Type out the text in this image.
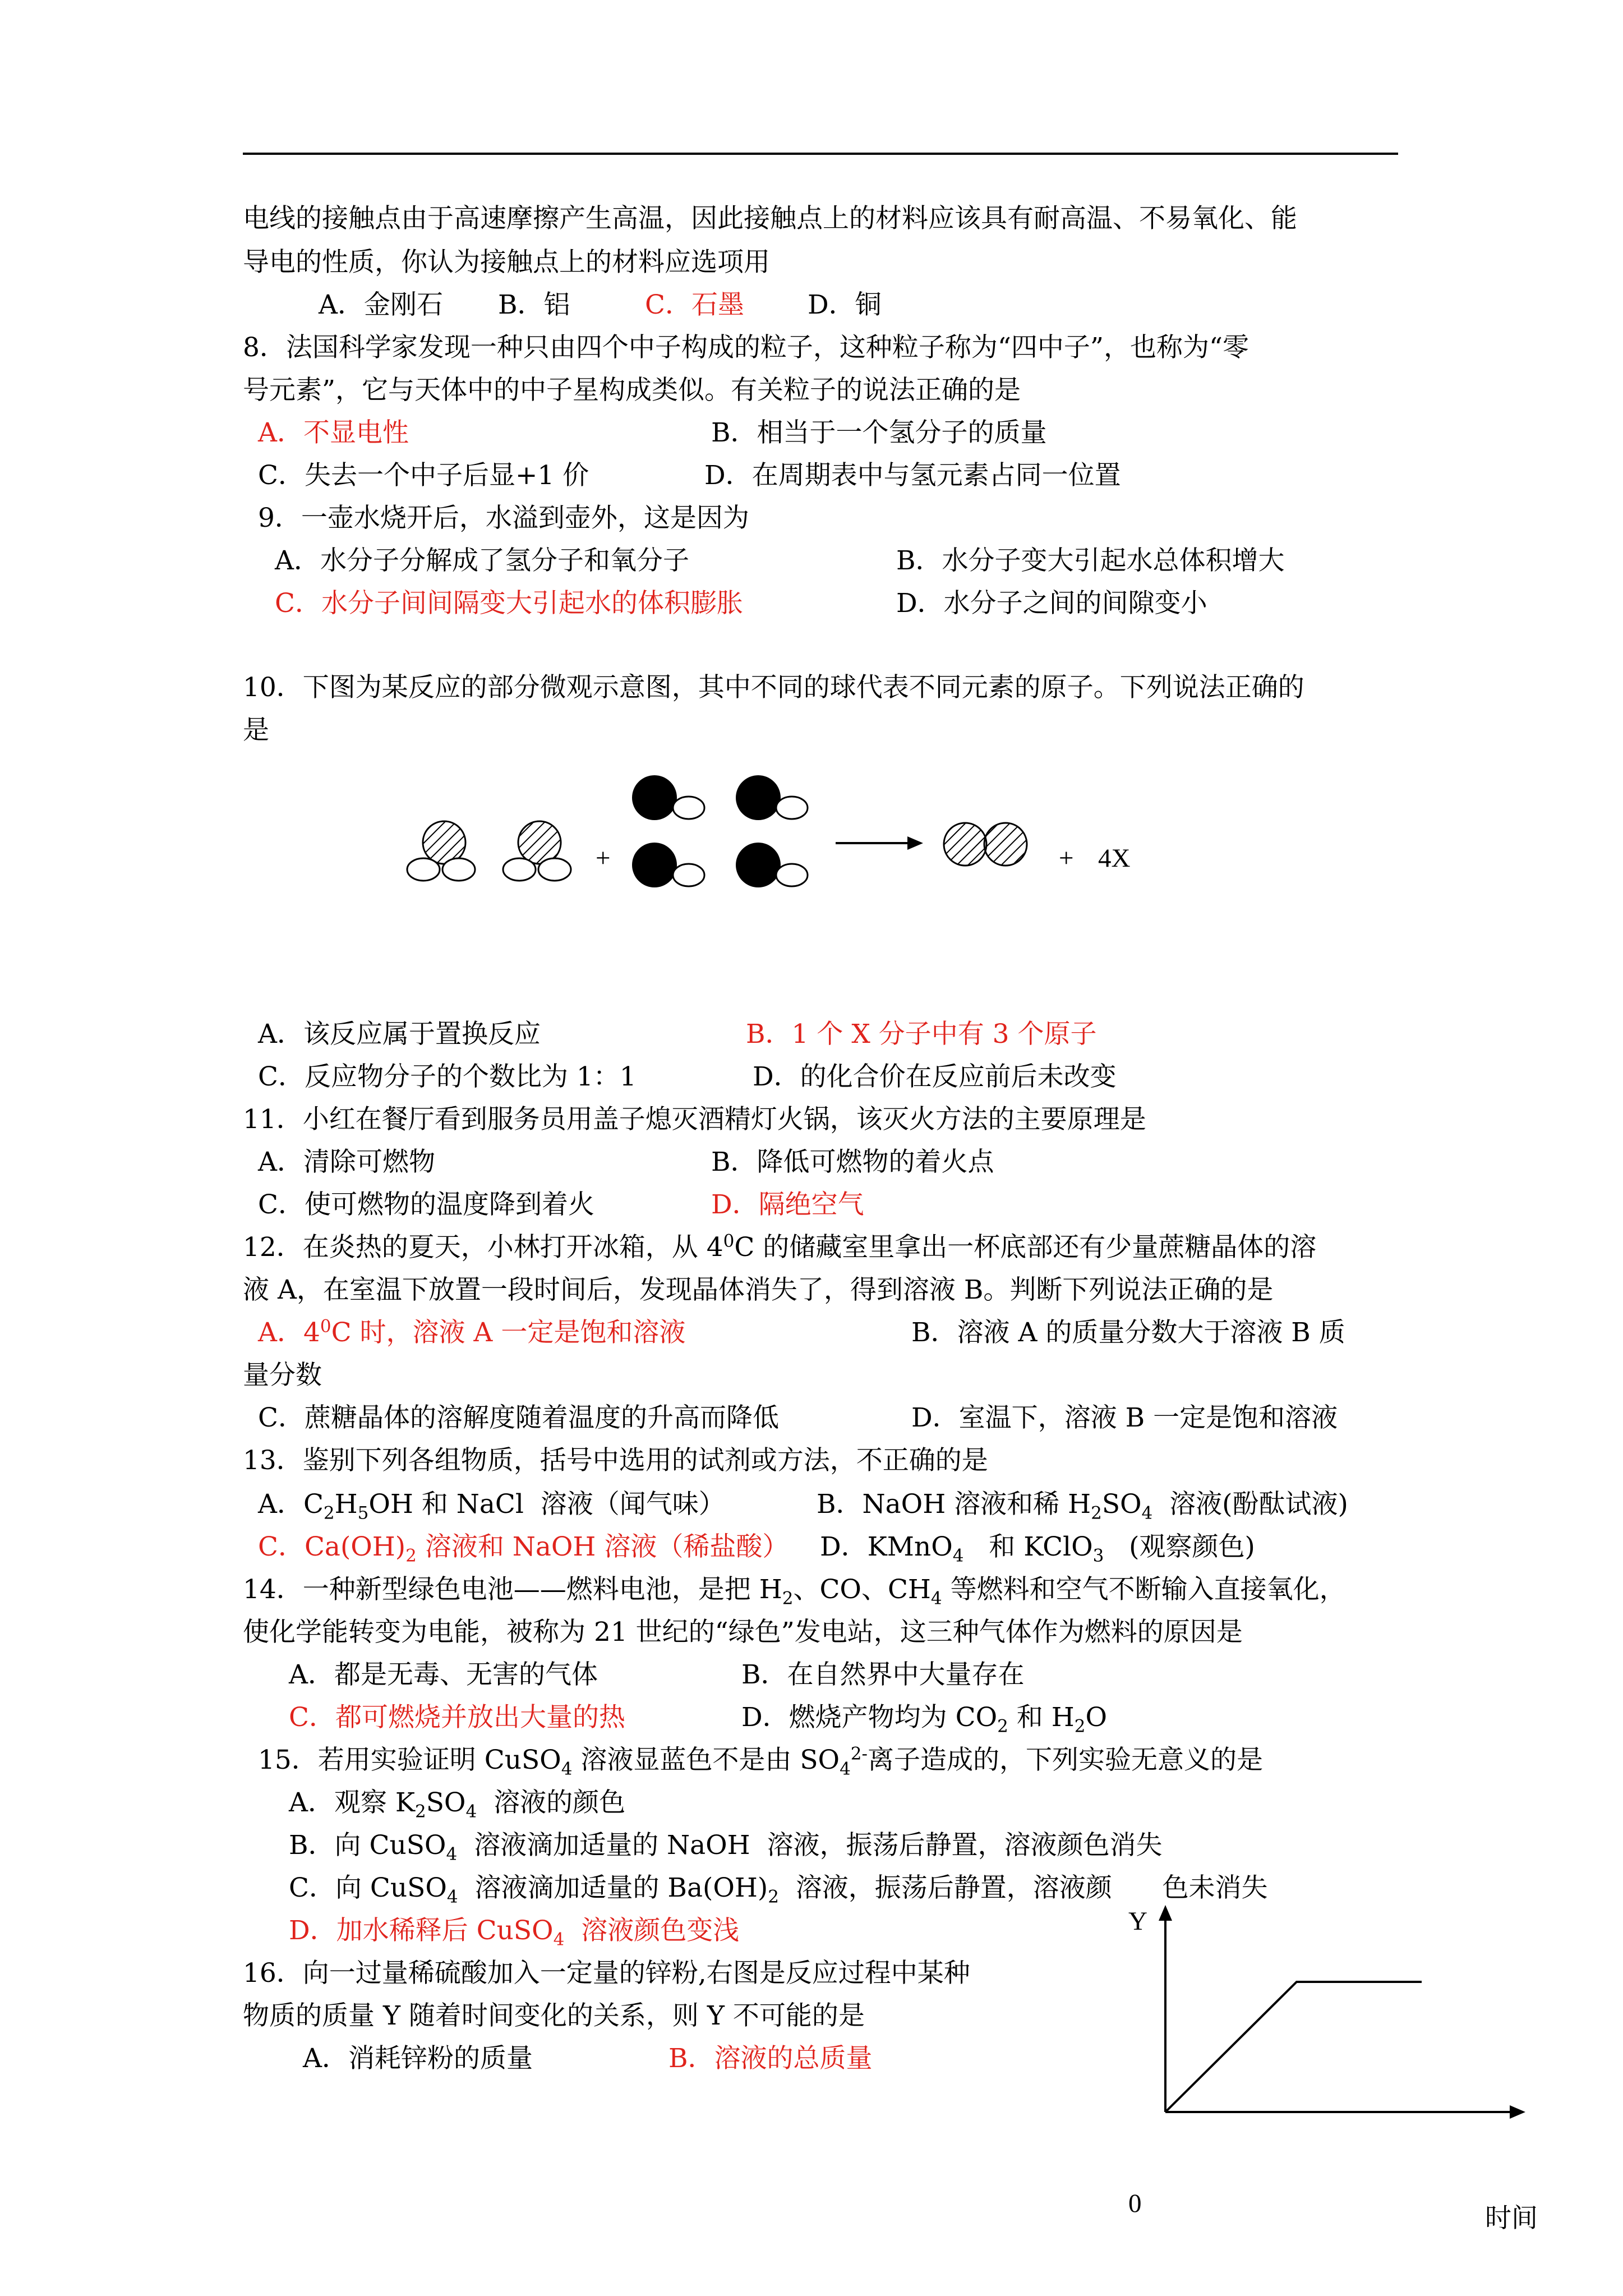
电线的接触点由于高速摩擦产生高温，因此接触点上的材料应该具有耐高温、不易氧化、能
导电的性质，你认为接触点上的材料应选项用
A．金刚石 B．铝	C．石墨 D．铜
8．法国科学家发现一种只由四个中子构成的粒子，这种粒子称为“四中子”，也称为“零
号元素”，它与天体中的中子星构成类似。有关粒子的说法正确的是
A．不显电性	B．相当于一个氢分子的质量
C．失去一个中子后显+1 价	D．在周期表中与氢元素占同一位置
9．一壶水烧开后，水溢到壶外，这是因为
A．水分子分解成了氢分子和氧分子	B．水分子变大引起水总体积增大
C．水分子间间隔变大引起水的体积膨胀	D．水分子之间的间隙变小
10．下图为某反应的部分微观示意图，其中不同的球代表不同元素的原子。下列说法正确的
是
+	+ 4X
Y
0	时间
A．该反应属于置换反应	B．1 个 X 分子中有 3 个原子
C．反应物分子的个数比为 1：1	D．的化合价在反应前后未改变
11．小红在餐厅看到服务员用盖子熄灭酒精灯火锅，该灭火方法的主要原理是
A．清除可燃物	B．降低可燃物的着火点
C．使可燃物的温度降到着火	D．隔绝空气
12．在炎热的夏天，小林打开冰箱，从 $4^0C$ 的储藏室里拿出一杯底部还有少量蔗糖晶体的溶
液 A，在室温下放置一段时间后，发现晶体消失了，得到溶液 B。判断下列说法正确的是
A．$4^0C$ 时，溶液 A 一定是饱和溶液	B．溶液 A 的质量分数大于溶液 B 质
量分数
C．蔗糖晶体的溶解度随着温度的升高而降低	D．室温下，溶液 B 一定是饱和溶液
13．鉴别下列各组物质，括号中选用的试剂或方法，不正确的是
A．$C_2H_5OH$ 和 NaCl  溶液（闻气味）	B．NaOH 溶液和稀 $H_2SO_4$  溶液(酚酞试液)
C．$Ca(OH)_2$ 溶液和 NaOH 溶液（稀盐酸） D．KMnO$_4$   和 KClO$_3$   (观察颜色)
14．一种新型绿色电池——燃料电池，是把 $H_2$、CO、$CH_4$ 等燃料和空气不断输入直接氧化，
使化学能转变为电能，被称为 21 世纪的“绿色”发电站，这三种气体作为燃料的原因是
A．都是无毒、无害的气体	B．在自然界中大量存在
C．都可燃烧并放出大量的热	D．燃烧产物均为 $CO_2$ 和 $H_2O$
15．若用实验证明 CuSO$_4$ 溶液显蓝色不是由 $SO_4^{2-}$离子造成的，下列实验无意义的是
A．观察 $K_2SO_4$  溶液的颜色
B．向 CuSO$_4$  溶液滴加适量的 NaOH  溶液，振荡后静置，溶液颜色消失
C．向 CuSO$_4$  溶液滴加适量的 $Ba(OH)_2$  溶液，振荡后静置，溶液颜      色未消失
D．加水稀释后 CuSO$_4$  溶液颜色变浅
16．向一过量稀硫酸加入一定量的锌粉,右图是反应过程中某种
物质的质量 Y 随着时间变化的关系，则 Y 不可能的是
A．消耗锌粉的质量	B．溶液的总质量
